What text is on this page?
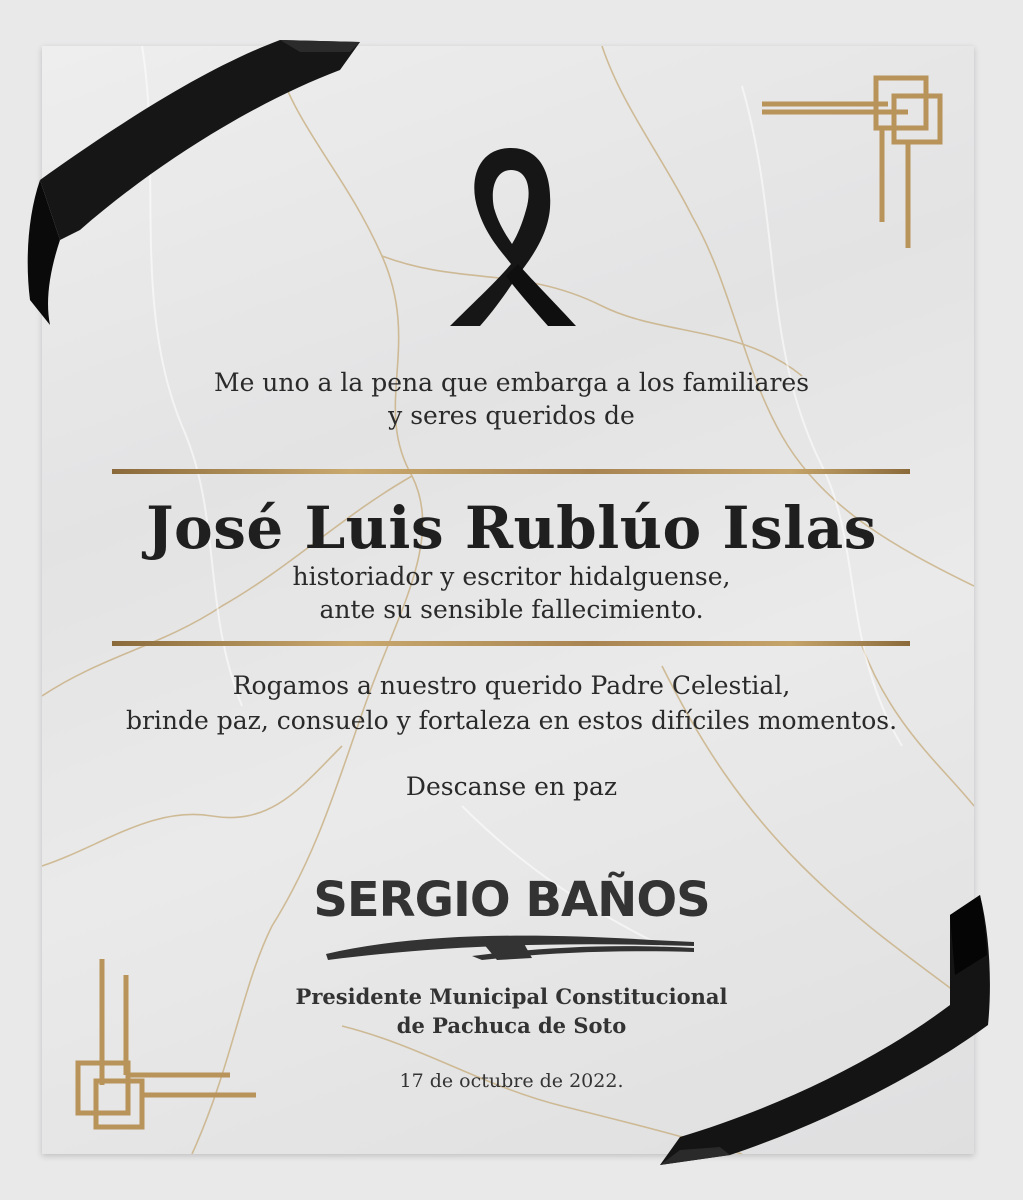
Me uno a la pena que embarga a los familiares
y seres queridos de
José Luis Rublúo Islas
historiador y escritor hidalguense,
ante su sensible fallecimiento.
Rogamos a nuestro querido Padre Celestial,
brinde paz, consuelo y fortaleza en estos difíciles momentos.
Descanse en paz
SERGIO BAÑOS
Presidente Municipal Constitucional
de Pachuca de Soto
17 de octubre de 2022.
